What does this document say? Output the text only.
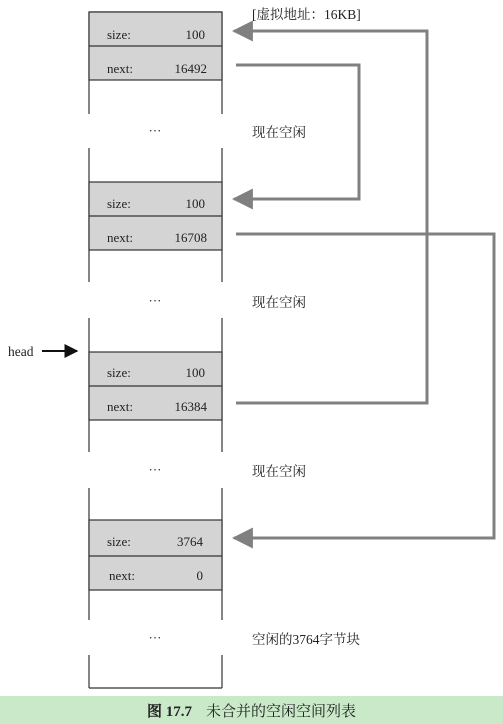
size:	100
next:	16492
size:	100
next:	16708
size:	100
next:	16384
size:	3764
next:	0
···
···
···
···
[虚拟地址：16KB]
现在空闲
现在空闲
现在空闲
空闲的3764字节块
head
图 17.7 未合并的空闲空间列表
